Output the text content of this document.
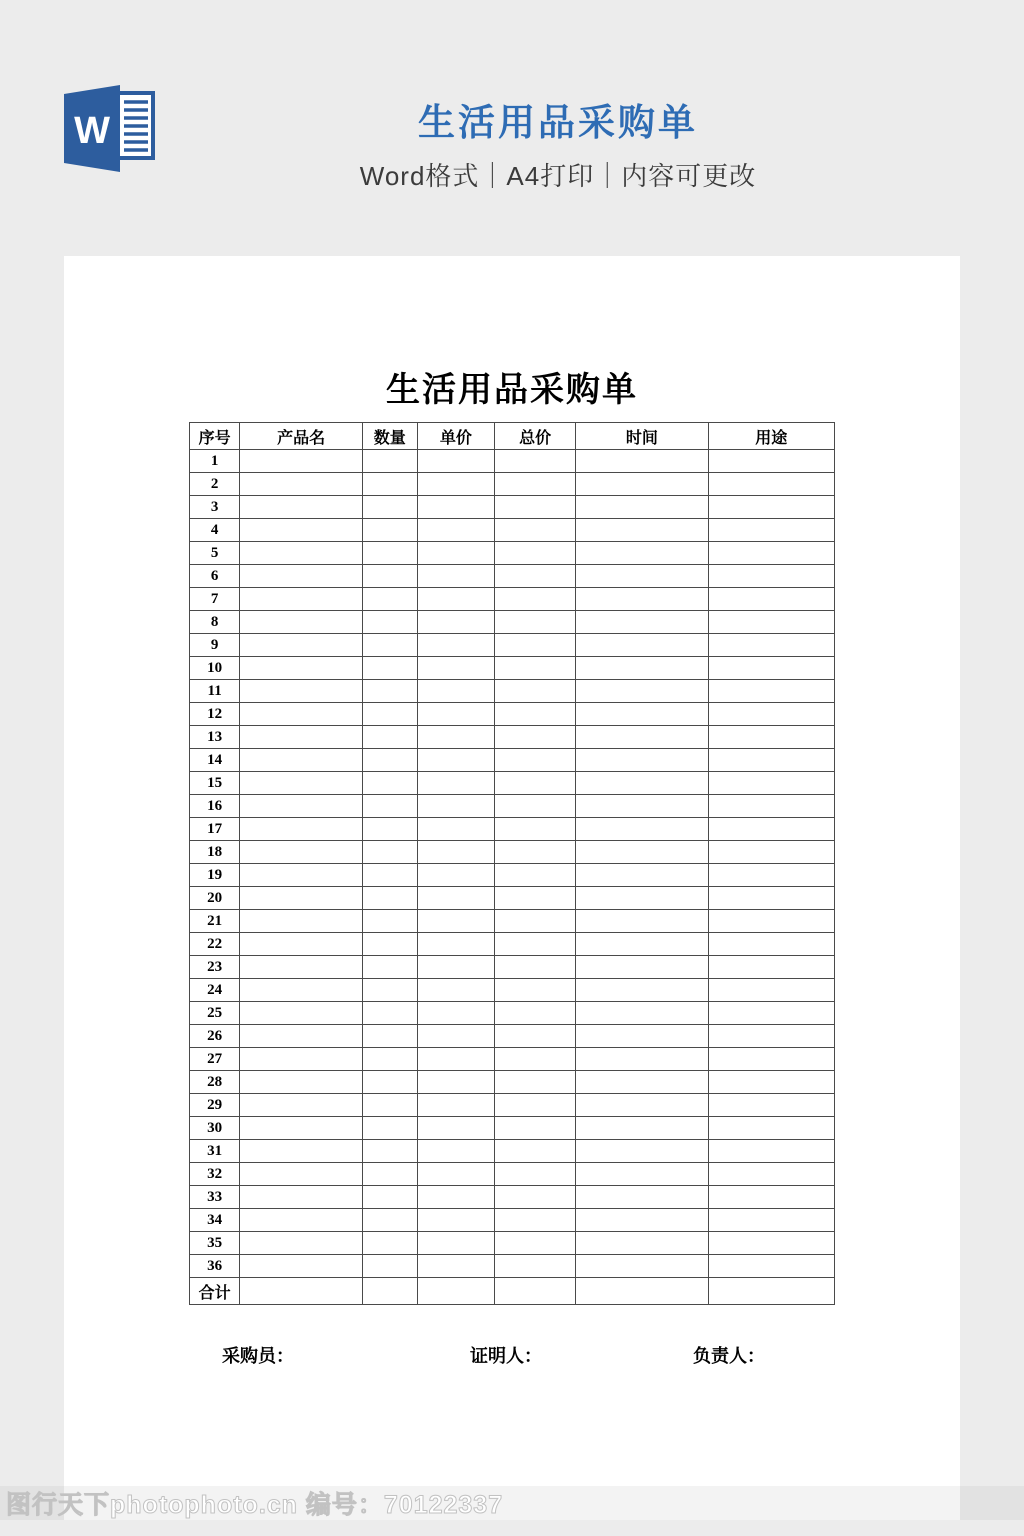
W	生活用品采购单
Word格式｜A4打印｜内容可更改
生活用品采购单
序号	产品名	数量	单价	总价	时间	用途
1						
2						
3						
4						
5						
6						
7						
8						
9						
10						
11						
12						
13						
14						
15						
16						
17						
18						
19						
20						
21						
22						
23						
24						
25						
26						
27						
28						
29						
30						
31						
32						
33						
34						
35						
36						
合计						
采购员：	证明人：	负责人：
图行天下photophoto.cn 编号：70122337
